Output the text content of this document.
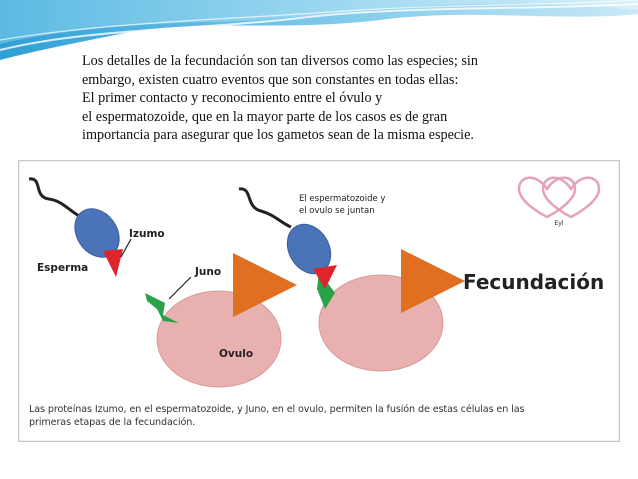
Los detalles de la fecundación son tan diversos como las especies; sin
embargo, existen cuatro eventos que son constantes en todas ellas:
El primer contacto y reconocimiento entre el óvulo y
el espermatozoide, que en la mayor parte de los casos es de gran
importancia para asegurar que los gametos sean de la misma especie.
Eyl
Izumo
Esperma	Juno
Ovulo
El espermatozoide y
el ovulo se juntan
Fecundación
Las proteínas Izumo, en el espermatozoide, y Juno, en el ovulo, permiten la fusión de estas células en las
primeras etapas de la fecundación.
